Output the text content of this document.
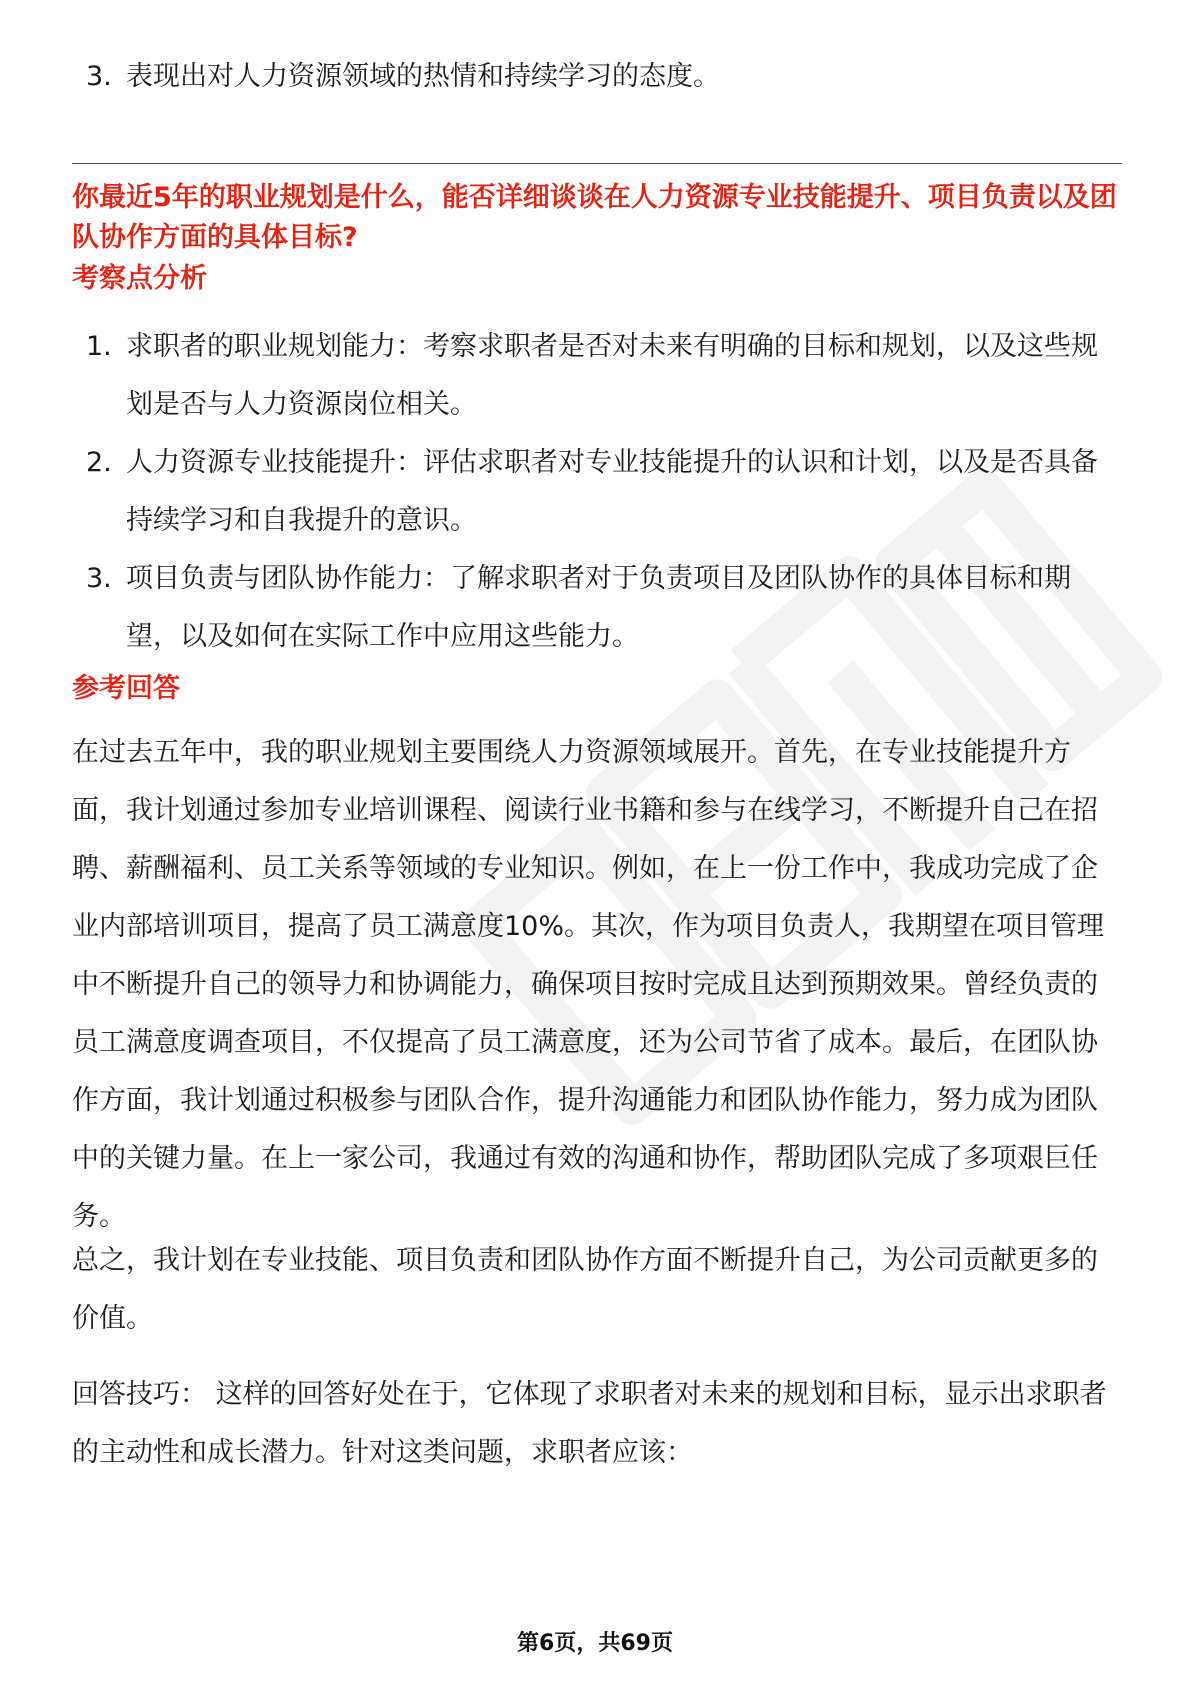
3. 表现出对人力资源领域的热情和持续学习的态度。
你最近5年的职业规划是什么，能否详细谈谈在人力资源专业技能提升、项目负责以及团队协作方面的具体目标?
考察点分析
1. 求职者的职业规划能力：考察求职者是否对未来有明确的目标和规划，以及这些规划是否与人力资源岗位相关。
2. 人力资源专业技能提升：评估求职者对专业技能提升的认识和计划，以及是否具备持续学习和自我提升的意识。
3. 项目负责与团队协作能力：了解求职者对于负责项目及团队协作的具体目标和期望，以及如何在实际工作中应用这些能力。
参考回答
在过去五年中，我的职业规划主要围绕人力资源领域展开。首先，在专业技能提升方面，我计划通过参加专业培训课程、阅读行业书籍和参与在线学习，不断提升自己在招聘、薪酬福利、员工关系等领域的专业知识。例如，在上一份工作中，我成功完成了企业内部培训项目，提高了员工满意度10%。其次，作为项目负责人，我期望在项目管理中不断提升自己的领导力和协调能力，确保项目按时完成且达到预期效果。曾经负责的员工满意度调查项目，不仅提高了员工满意度，还为公司节省了成本。最后，在团队协作方面，我计划通过积极参与团队合作，提升沟通能力和团队协作能力，努力成为团队中的关键力量。在上一家公司，我通过有效的沟通和协作，帮助团队完成了多项艰巨任务。
总之，我计划在专业技能、项目负责和团队协作方面不断提升自己，为公司贡献更多的价值。
回答技巧： 这样的回答好处在于，它体现了求职者对未来的规划和目标，显示出求职者的主动性和成长潜力。针对这类问题，求职者应该：
第6页，共69页
